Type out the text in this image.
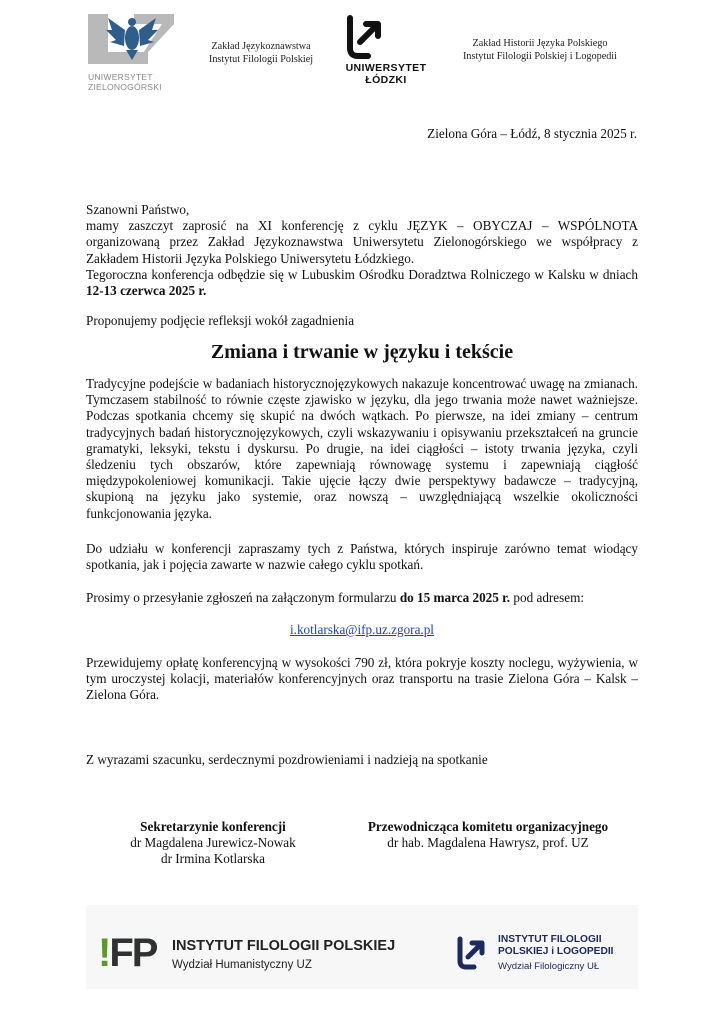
UNIWERSYTET
ZIELONOGÓRSKI
Zakład Językoznawstwa
Instytut Filologii Polskiej
UNIWERSYTET
ŁÓDZKI
Zakład Historii Języka Polskiego
Instytut Filologii Polskiej i Logopedii
Zielona Góra – Łódź, 8 stycznia 2025 r.
Szanowni Państwo,
mamy zaszczyt zaprosić na XI konferencję z cyklu JĘZYK – OBYCZAJ – WSPÓLNOTA organizowaną przez Zakład Językoznawstwa Uniwersytetu Zielonogórskiego we współpracy z Zakładem Historii Języka Polskiego Uniwersytetu Łódzkiego.
Tegoroczna konferencja odbędzie się w Lubuskim Ośrodku Doradztwa Rolniczego w Kalsku w dniach 12-13 czerwca 2025 r.
Proponujemy podjęcie refleksji wokół zagadnienia
Zmiana i trwanie w języku i tekście
Tradycyjne podejście w badaniach historycznojęzykowych nakazuje koncentrować uwagę na zmianach. Tymczasem stabilność to równie częste zjawisko w języku, dla jego trwania może nawet ważniejsze. Podczas spotkania chcemy się skupić na dwóch wątkach. Po pierwsze, na idei zmiany – centrum tradycyjnych badań historycznojęzykowych, czyli wskazywaniu i opisywaniu przekształceń na gruncie gramatyki, leksyki, tekstu i dyskursu. Po drugie, na idei ciągłości – istoty trwania języka, czyli śledzeniu tych obszarów, które zapewniają równowagę systemu i zapewniają ciągłość międzypokoleniowej komunikacji. Takie ujęcie łączy dwie perspektywy badawcze – tradycyjną, skupioną na języku jako systemie, oraz nowszą – uwzględniającą wszelkie okoliczności funkcjonowania języka.
Do udziału w konferencji zapraszamy tych z Państwa, których inspiruje zarówno temat wiodący spotkania, jak i pojęcia zawarte w nazwie całego cyklu spotkań.
Prosimy o przesyłanie zgłoszeń na załączonym formularzu do 15 marca 2025 r. pod adresem:
i.kotlarska@ifp.uz.zgora.pl
Przewidujemy opłatę konferencyjną w wysokości 790 zł, która pokryje koszty noclegu, wyżywienia, w tym uroczystej kolacji, materiałów konferencyjnych oraz transportu na trasie Zielona Góra – Kalsk – Zielona Góra.
Z wyrazami szacunku, serdecznymi pozdrowieniami i nadzieją na spotkanie
Sekretarzynie konferencji
dr Magdalena Jurewicz-Nowak
dr Irmina Kotlarska
Przewodnicząca komitetu organizacyjnego
dr hab. Magdalena Hawrysz, prof. UZ
!FP INSTYTUT FILOLOGII POLSKIEJ
Wydział Humanistyczny UZ
INSTYTUT FILOLOGII
POLSKIEJ i LOGOPEDII
Wydział Filologiczny UŁ
